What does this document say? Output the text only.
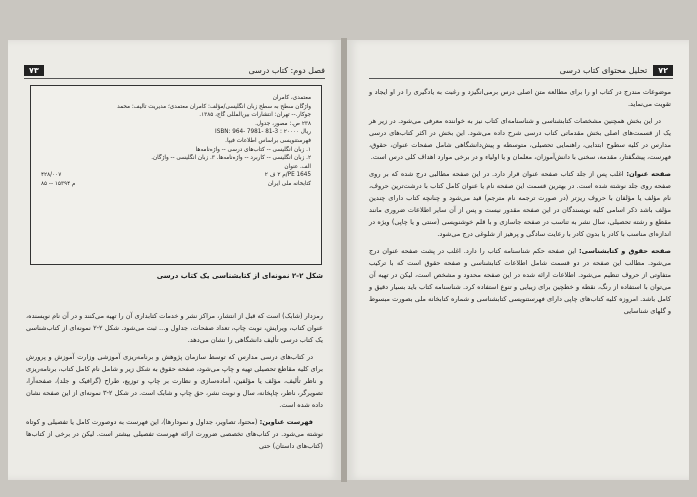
فصل دوم: کتاب درسی
۷۳
معتمدی، کامران
واژگان سطح به سطح زبان انگلیسی/مؤلف: کامران معتمدی؛ مدیریت تألیف: محمد
جوکار.-- تهران: انتشارات بین‌المللی گاج، ۱۳۸۵.
۲۳۸ ص.: مصور، جدول.
ISBN: 964- 7981- 81-3 : ۲۰۰۰۰ ریال
فهرستنویسی براساس اطلاعات فیپا.
۱. زبان انگلیسی -- کتاب‌های درسی -- واژه‌نامه‌ها
۲. زبان انگلیسی -- کاربرد -- واژه‌نامه‌ها. ۳. زبان انگلیسی -- واژگان.
الف. عنوان
۴۲۸/۰۰۷	۲ م ۲ ف/PE 1645
۸۵ -- م ۱۵۳۹۴	کتابخانه ملی ایران
شکل ۲-۲ نمونه‌ای از کتابشناسی یک کتاب درسی

رمزدار (شابک) است که قبل از انتشار، مراکز نشر و خدمات کتابداری آن را تهیه می‌کنند و در آن نام نویسنده، عنوان کتاب، ویرایش، نوبت چاپ، تعداد صفحات، جداول و... ثبت می‌شود. شکل ۲-۲ نمونه‌ای از کتاب‌شناسی یک کتاب درسی تألیف دانشگاهی را نشان می‌دهد.

در کتاب‌های درسی مدارس که توسط سازمان پژوهش و برنامه‌ریزی آموزشی وزارت آموزش و پرورش برای کلیه مقاطع تحصیلی تهیه و چاپ می‌شود، صفحه حقوق به شکل زیر و شامل نام کامل کتاب، برنامه‌ریزی و ناظر تألیف، مؤلف یا مؤلفین، آماده‌سازی و نظارت بر چاپ و توزیع، طراح (گرافیک و جلد)، صفحه‌آرا، تصویرگر، ناظر، چاپخانه، سال و نوبت نشر، حق چاپ و شابک است. در شکل ۲-۳ نمونه‌ای از این صفحه نشان داده شده است.

فهرست عناوین: (محتوا، تصاویر، جداول و نمودارها)، این فهرست به دوصورت کامل یا تفصیلی و کوتاه نوشته می‌شود. در کتاب‌های تخصصی ضرورت ارائه فهرست تفصیلی بیشتر است. لیکن در برخی از کتاب‌ها (کتاب‌های داستان) حتی

۷۲
تحلیل محتوای کتاب درسی

موضوعات مندرج در کتاب او را برای مطالعه متن اصلی درس برمی‌انگیزد و رغبت به یادگیری را در او ایجاد و تقویت می‌نماید.

در این بخش همچنین مشخصات کتابشناسی و شناسنامه‌ای کتاب نیز به خواننده معرفی می‌شود. در زیر هر یک از قسمت‌های اصلی بخش مقدماتی کتاب درسی شرح داده می‌شود. این بخش در اکثر کتاب‌های درسی مدارس در کلیه سطوح ابتدایی، راهنمایی تحصیلی، متوسطه و پیش‌دانشگاهی شامل صفحات عنوان، حقوق، فهرست، پیشگفتار، مقدمه، سخنی با دانش‌آموزان، معلمان و یا اولیاء و در برخی موارد اهداف کلی درس است.

صفحه عنوان: اغلب پس از جلد کتاب صفحه عنوان قرار دارد. در این صفحه مطالبی درج شده که بر روی صفحه روی جلد نوشته شده است. در بهترین قسمت این صفحه نام یا عنوان کامل کتاب با درشت‌ترین حروف، نام مؤلف یا مؤلفان با حروف ریزتر (در صورت ترجمه نام مترجم) قید می‌شود و چنانچه کتاب دارای چندین مؤلف باشد ذکر اسامی کلیه نویسندگان در این صفحه مقدور نیست و پس از آن سایر اطلاعات ضروری مانند مقطع و رشته تحصیلی، سال نشر به تناسب در صفحه جاسازی و با قلم خوشنویسی (سنتی و یا چاپی) ویژه در اندازه‌ای مناسب با کادر یا بدون کادر با رعایت سادگی و پرهیز از شلوغی درج می‌شود.

صفحه حقوق و کتابشناسی: این صفحه حکم شناسنامه کتاب را دارد. اغلب در پشت صفحه عنوان درج می‌شود. مطالب این صفحه در دو قسمت شامل اطلاعات کتابشناسی و صفحه حقوق است که با ترکیب متفاوتی از حروف تنظیم می‌شود. اطلاعات ارائه شده در این صفحه محدود و مشخص است، لیکن در تهیه آن می‌توان با استفاده از رنگ، نقطه و خطچین برای زیبایی و تنوع استفاده کرد. شناسنامه کتاب باید بسیار دقیق و کامل باشد. امروزه کلیه کتاب‌های چاپی دارای فهرستنویسی کتابشناسی و شماره کتابخانه ملی بصورت مبسوط و گلهای شناسایی
